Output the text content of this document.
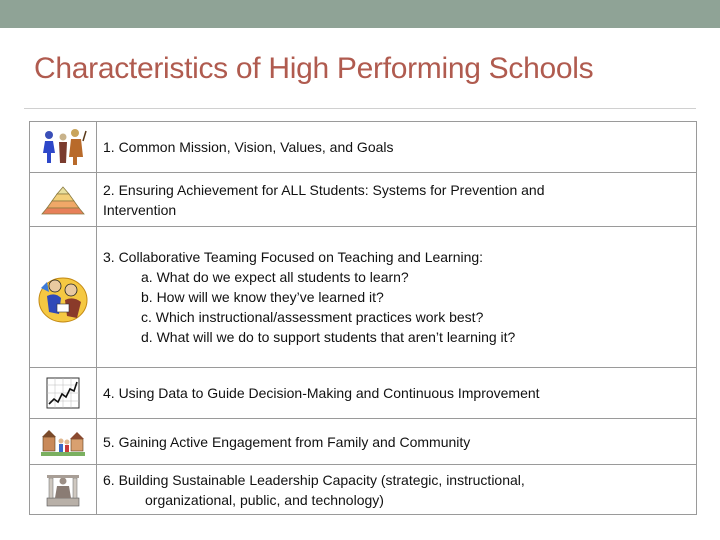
Characteristics of High Performing Schools
	1. Common Mission, Vision, Values, and Goals

2. Ensuring Achievement for ALL Students: Systems for Prevention and
Intervention

3. Collaborative Teaming Focused on Teaching and Learning:
a. What do we expect all students to learn?
b. How will we know they’ve learned it?
c. Which instructional/assessment practices work best?
d. What will we do to support students that aren’t learning it?

	4. Using Data to Guide Decision-Making and Continuous Improvement

	5. Gaining Active Engagement from Family and Community

6. Building Sustainable Leadership Capacity (strategic, instructional,
organizational, public, and technology)
